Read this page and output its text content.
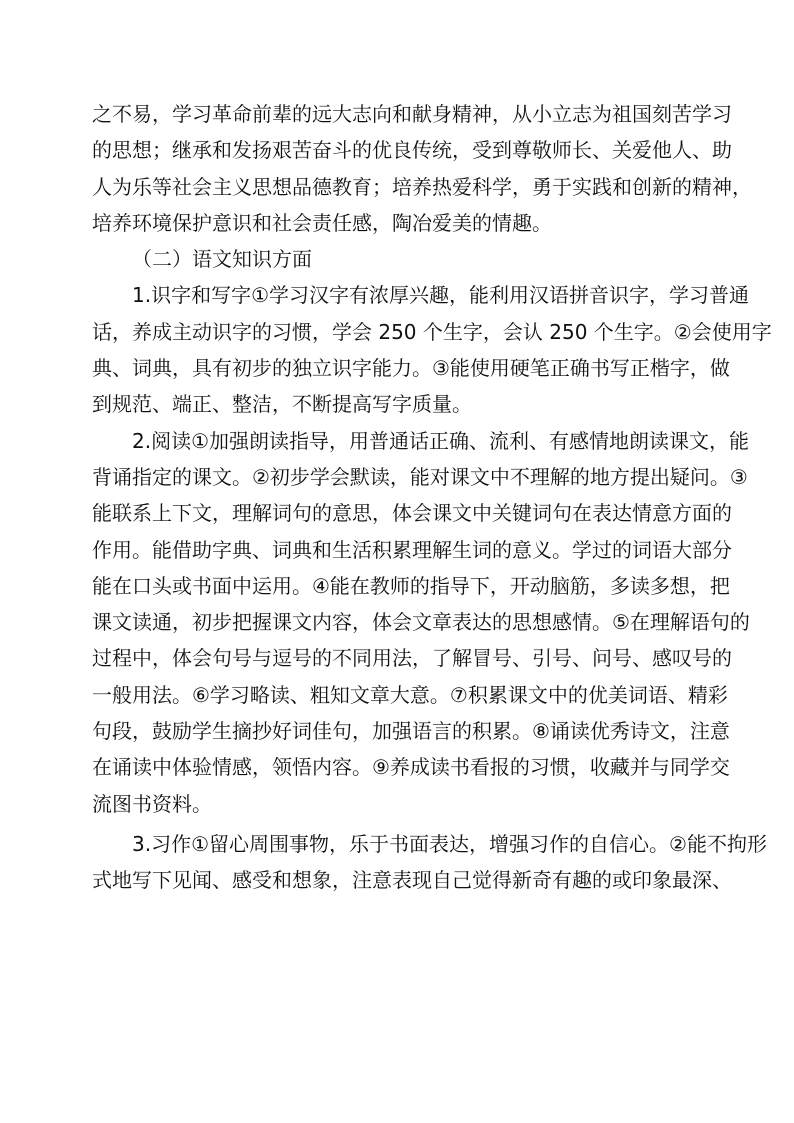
之不易，学习革命前辈的远大志向和献身精神，从小立志为祖国刻苦学习
的思想；继承和发扬艰苦奋斗的优良传统，受到尊敬师长、关爱他人、助
人为乐等社会主义思想品德教育；培养热爱科学，勇于实践和创新的精神，
培养环境保护意识和社会责任感，陶冶爱美的情趣。
（二）语文知识方面
1.识字和写字①学习汉字有浓厚兴趣，能利用汉语拼音识字，学习普通
话，养成主动识字的习惯，学会 250 个生字，会认 250 个生字。②会使用字
典、词典，具有初步的独立识字能力。③能使用硬笔正确书写正楷字，做
到规范、端正、整洁，不断提高写字质量。
2.阅读①加强朗读指导，用普通话正确、流利、有感情地朗读课文，能
背诵指定的课文。②初步学会默读，能对课文中不理解的地方提出疑问。③
能联系上下文，理解词句的意思，体会课文中关键词句在表达情意方面的
作用。能借助字典、词典和生活积累理解生词的意义。学过的词语大部分
能在口头或书面中运用。④能在教师的指导下，开动脑筋，多读多想，把
课文读通，初步把握课文内容，体会文章表达的思想感情。⑤在理解语句的
过程中，体会句号与逗号的不同用法，了解冒号、引号、问号、感叹号的
一般用法。⑥学习略读、粗知文章大意。⑦积累课文中的优美词语、精彩
句段，鼓励学生摘抄好词佳句，加强语言的积累。⑧诵读优秀诗文，注意
在诵读中体验情感，领悟内容。⑨养成读书看报的习惯，收藏并与同学交
流图书资料。
3.习作①留心周围事物，乐于书面表达，增强习作的自信心。②能不拘形
式地写下见闻、感受和想象，注意表现自己觉得新奇有趣的或印象最深、
